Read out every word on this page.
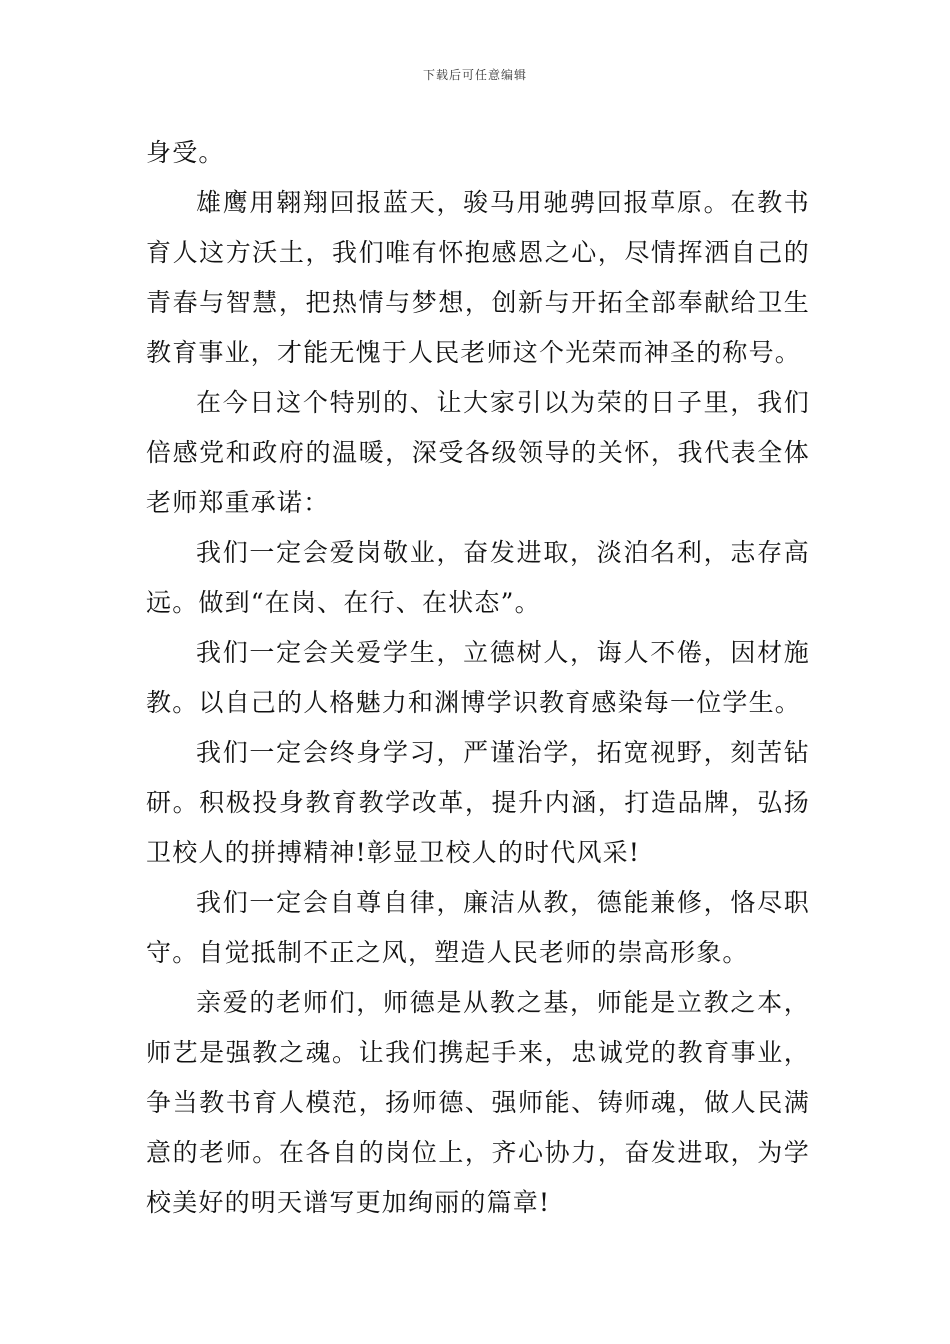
下载后可任意编辑

身受。

雄鹰用翱翔回报蓝天，骏马用驰骋回报草原。在教书育人这方沃土，我们唯有怀抱感恩之心，尽情挥洒自己的青春与智慧，把热情与梦想，创新与开拓全部奉献给卫生教育事业，才能无愧于人民老师这个光荣而神圣的称号。

在今日这个特别的、让大家引以为荣的日子里，我们倍感党和政府的温暖，深受各级领导的关怀，我代表全体老师郑重承诺：

我们一定会爱岗敬业，奋发进取，淡泊名利，志存高远。做到“在岗、在行、在状态”。

我们一定会关爱学生，立德树人，诲人不倦，因材施教。以自己的人格魅力和渊博学识教育感染每一位学生。

我们一定会终身学习，严谨治学，拓宽视野，刻苦钻研。积极投身教育教学改革，提升内涵，打造品牌，弘扬卫校人的拼搏精神!彰显卫校人的时代风采!

我们一定会自尊自律，廉洁从教，德能兼修，恪尽职守。自觉抵制不正之风，塑造人民老师的崇高形象。

亲爱的老师们，师德是从教之基，师能是立教之本，师艺是强教之魂。让我们携起手来，忠诚党的教育事业，争当教书育人模范，扬师德、强师能、铸师魂，做人民满意的老师。在各自的岗位上，齐心协力，奋发进取，为学校美好的明天谱写更加绚丽的篇章!
